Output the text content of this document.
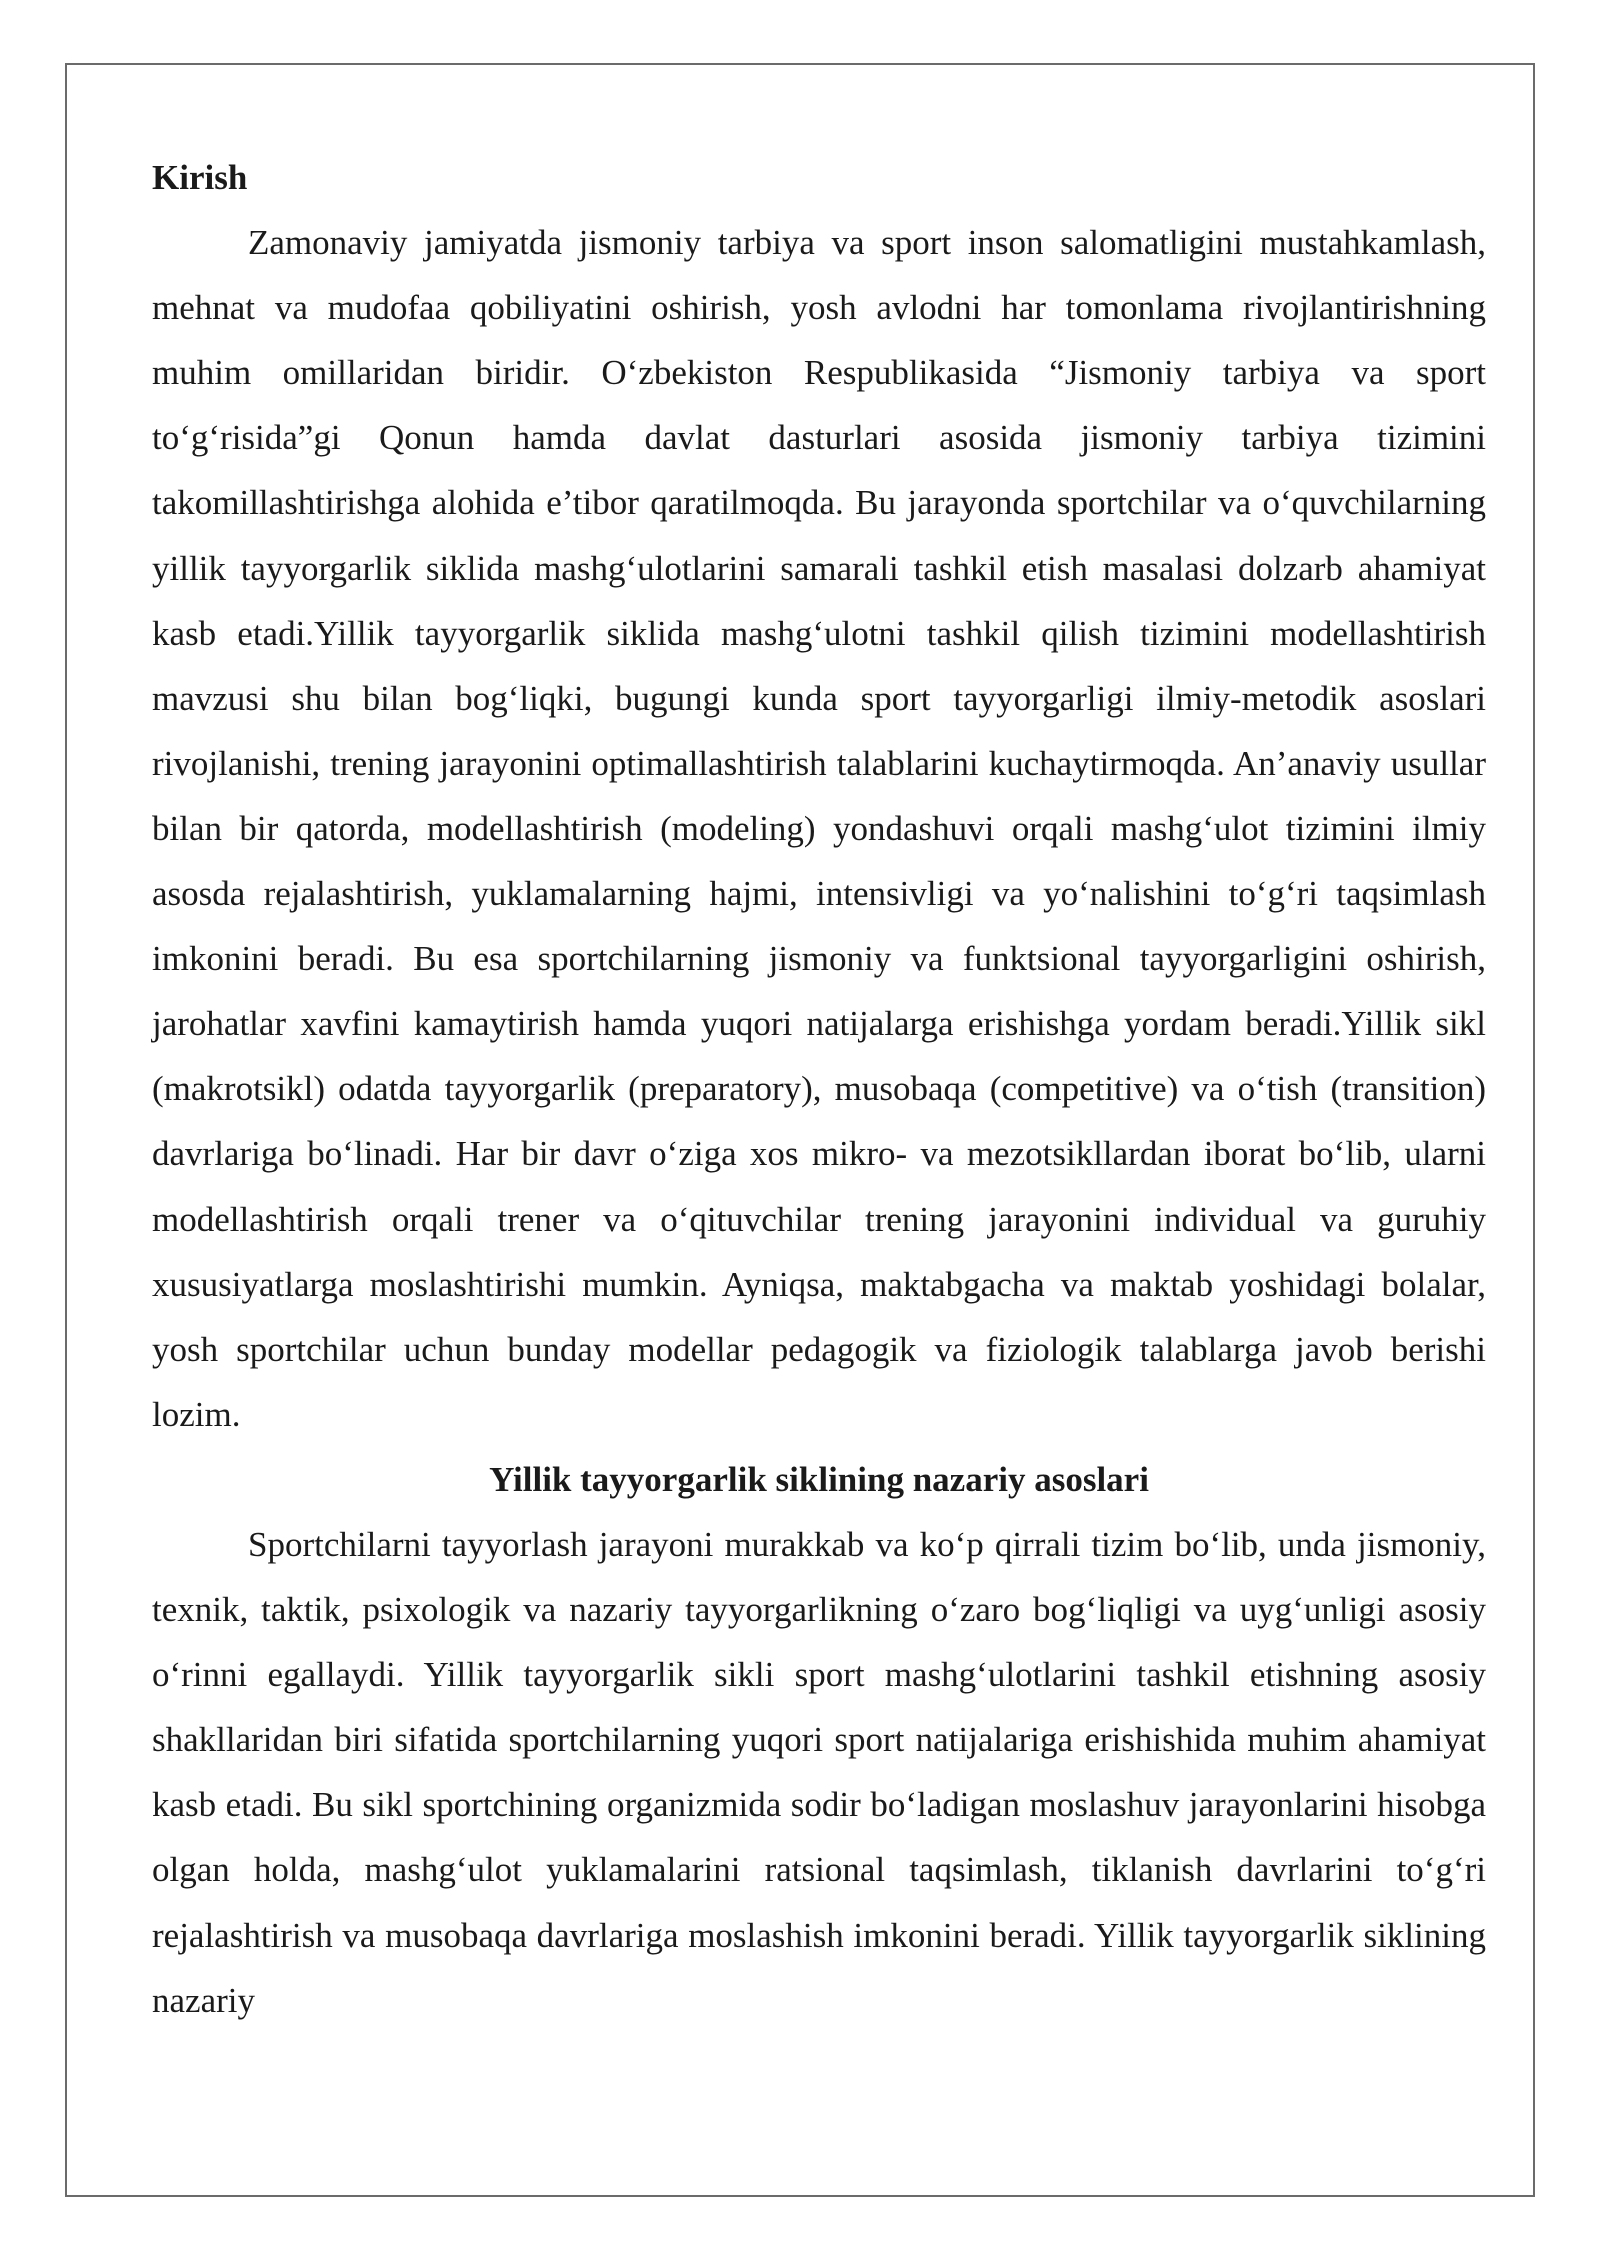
Kirish

Zamonaviy jamiyatda jismoniy tarbiya va sport inson salomatligini mustahkamlash, mehnat va mudofaa qobiliyatini oshirish, yosh avlodni har tomonlama rivojlantirishning muhim omillaridan biridir. O‘zbekiston Respublikasida “Jismoniy tarbiya va sport to‘g‘risida”gi Qonun hamda davlat dasturlari asosida jismoniy tarbiya tizimini takomillashtirishga alohida e’tibor qaratilmoqda. Bu jarayonda sportchilar va o‘quvchilarning yillik tayyorgarlik siklida mashg‘ulotlarini samarali tashkil etish masalasi dolzarb ahamiyat kasb etadi.Yillik tayyorgarlik siklida mashg‘ulotni tashkil qilish tizimini modellashtirish mavzusi shu bilan bog‘liqki, bugungi kunda sport tayyorgarligi ilmiy-metodik asoslari rivojlanishi, trening jarayonini optimallashtirish talablarini kuchaytirmoqda. An’anaviy usullar bilan bir qatorda, modellashtirish (modeling) yondashuvi orqali mashg‘ulot tizimini ilmiy asosda rejalashtirish, yuklamalarning hajmi, intensivligi va yo‘nalishini to‘g‘ri taqsimlash imkonini beradi. Bu esa sportchilarning jismoniy va funktsional tayyorgarligini oshirish, jarohatlar xavfini kamaytirish hamda yuqori natijalarga erishishga yordam beradi.Yillik sikl (makrotsikl) odatda tayyorgarlik (preparatory), musobaqa (competitive) va o‘tish (transition) davrlariga bo‘linadi. Har bir davr o‘ziga xos mikro- va mezotsikllardan iborat bo‘lib, ularni modellashtirish orqali trener va o‘qituvchilar trening jarayonini individual va guruhiy xususiyatlarga moslashtirishi mumkin. Ayniqsa, maktabgacha va maktab yoshidagi bolalar, yosh sportchilar uchun bunday modellar pedagogik va fiziologik talablarga javob berishi lozim.

Yillik tayyorgarlik siklining nazariy asoslari

Sportchilarni tayyorlash jarayoni murakkab va ko‘p qirrali tizim bo‘lib, unda jismoniy, texnik, taktik, psixologik va nazariy tayyorgarlikning o‘zaro bog‘liqligi va uyg‘unligi asosiy o‘rinni egallaydi. Yillik tayyorgarlik sikli sport mashg‘ulotlarini tashkil etishning asosiy shakllaridan biri sifatida sportchilarning yuqori sport natijalariga erishishida muhim ahamiyat kasb etadi. Bu sikl sportchining organizmida sodir bo‘ladigan moslashuv jarayonlarini hisobga olgan holda, mashg‘ulot yuklamalarini ratsional taqsimlash, tiklanish davrlarini to‘g‘ri rejalashtirish va musobaqa davrlariga moslashish imkonini beradi. Yillik tayyorgarlik siklining nazariy
